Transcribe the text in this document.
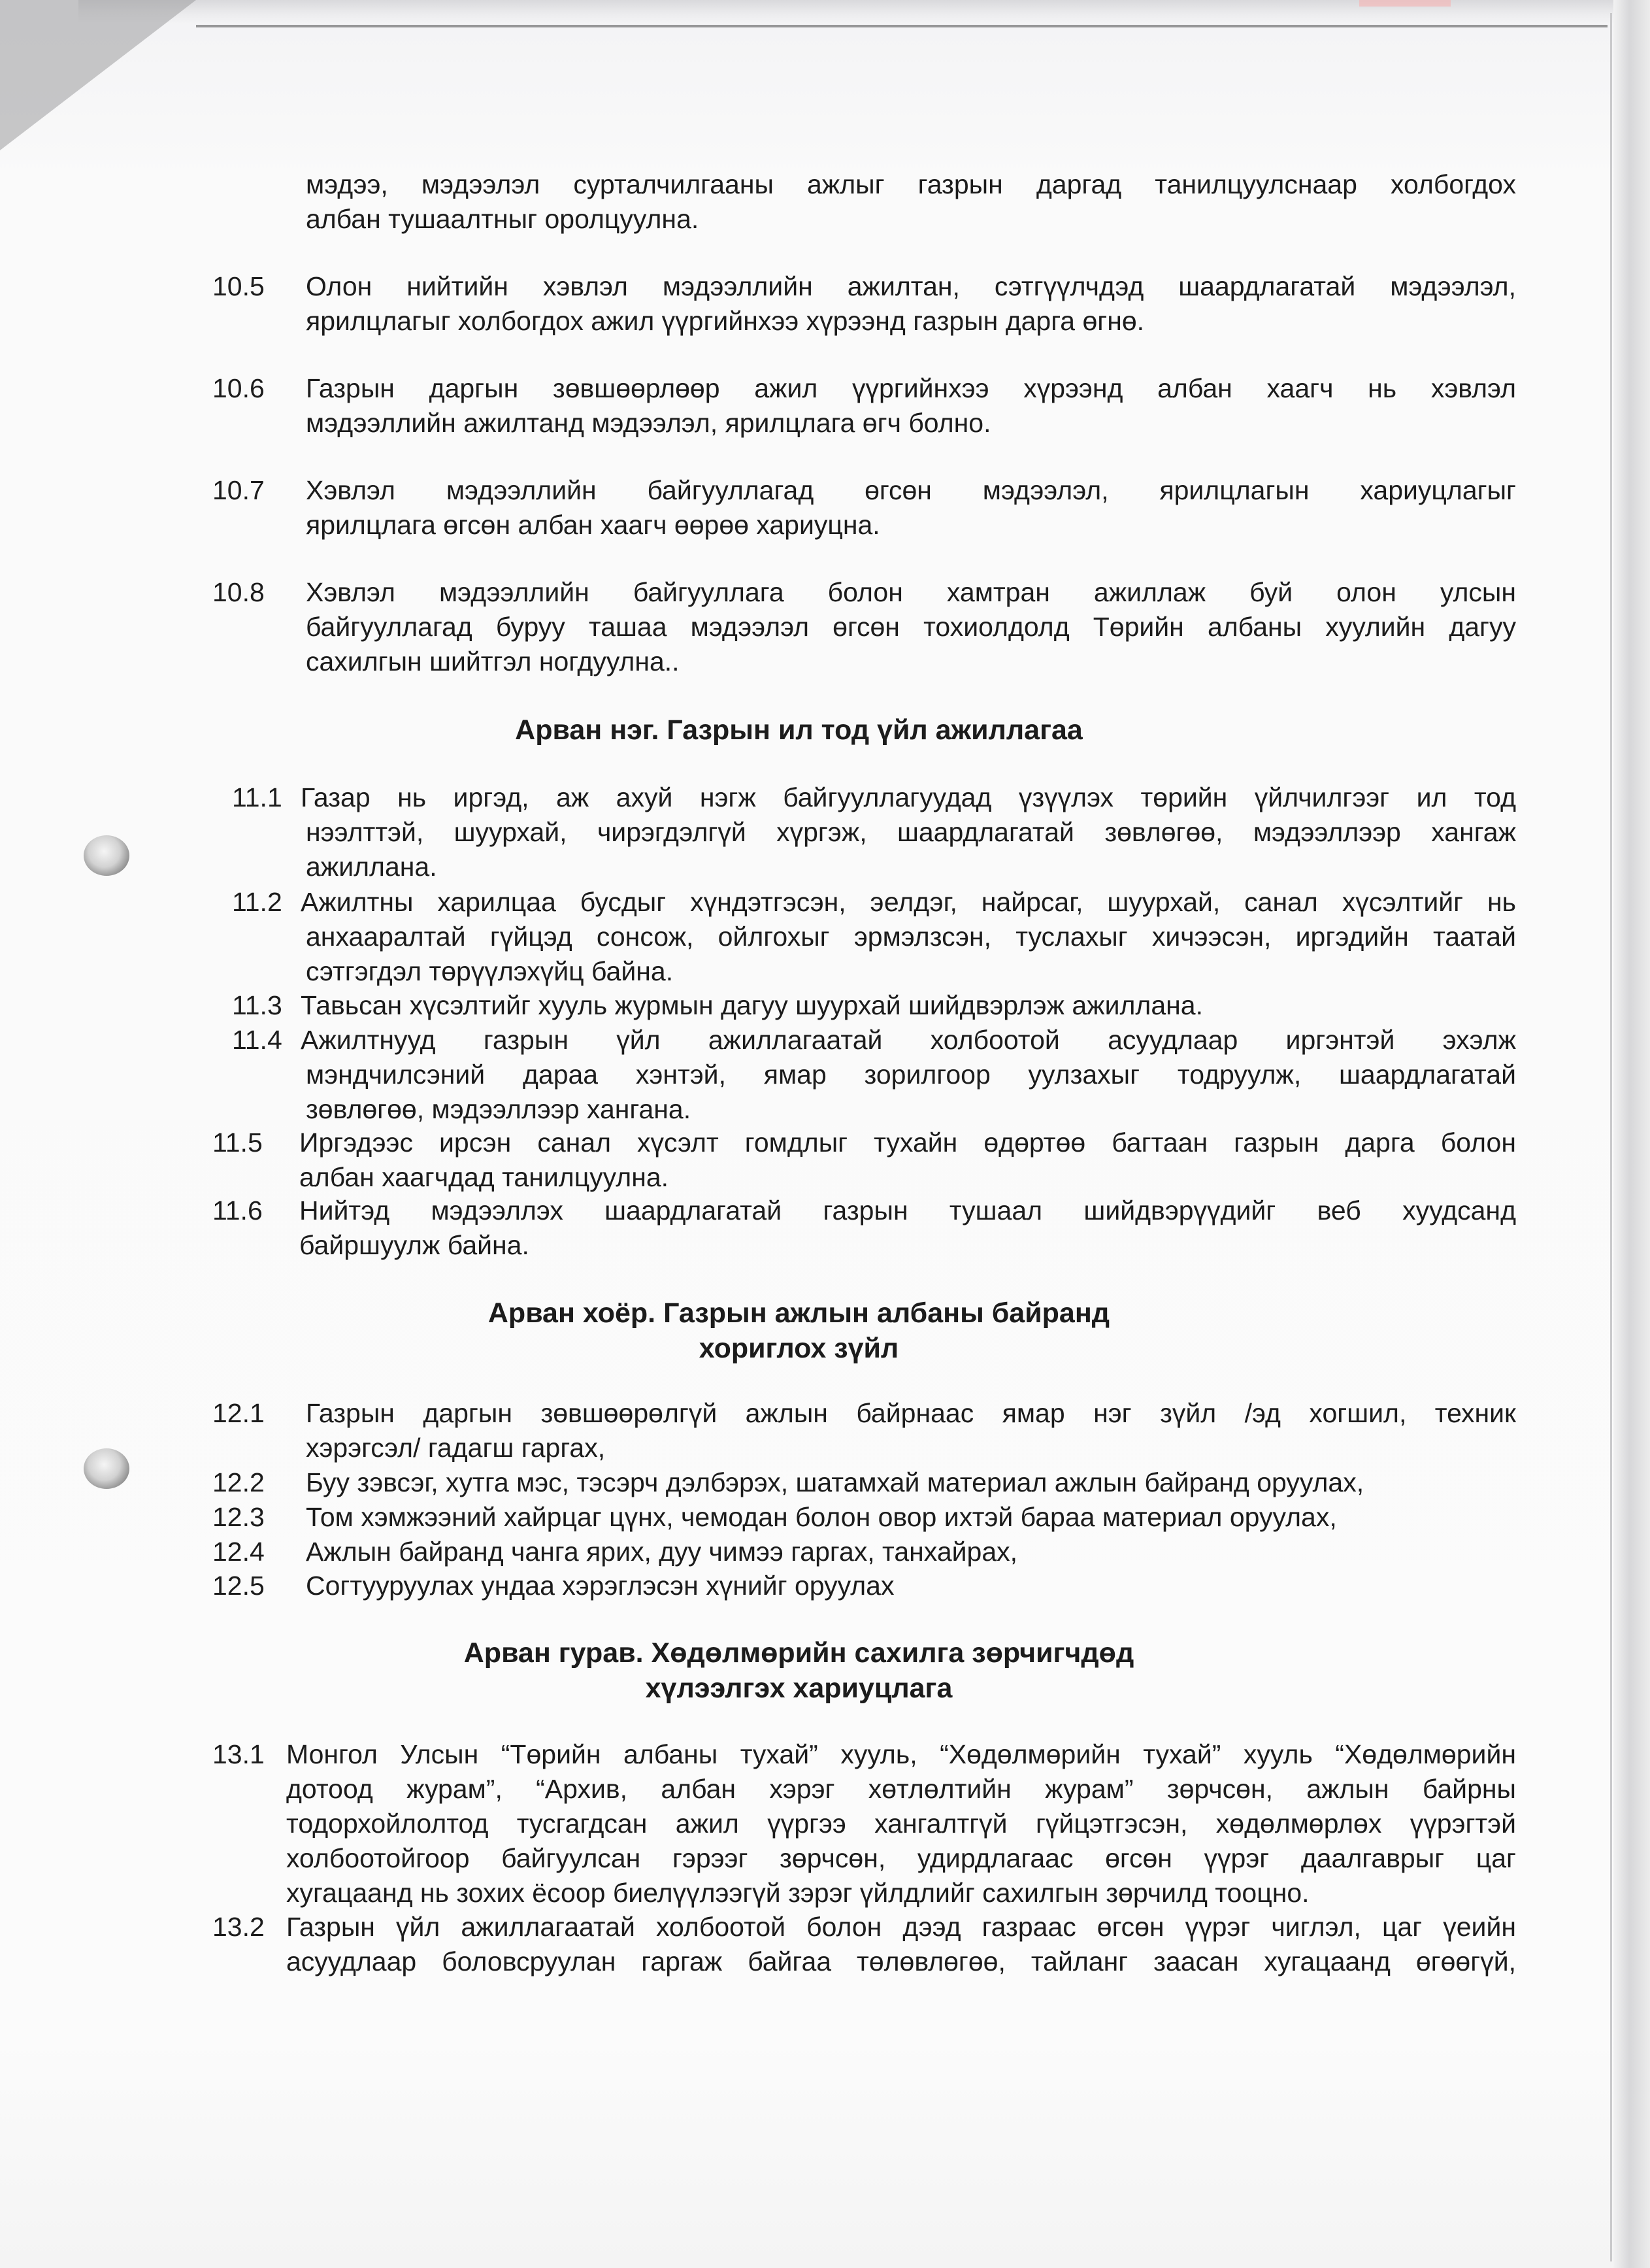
мэдээ, мэдээлэл сурталчилгааны ажлыг газрын даргад танилцуулснаар холбогдох
албан тушаалтныг оролцуулна.
10.5 Олон нийтийн хэвлэл мэдээллийн ажилтан, сэтгүүлчдэд шаардлагатай мэдээлэл,
ярилцлагыг холбогдох ажил үүргийнхээ хүрээнд газрын дарга өгнө.
10.6 Газрын даргын зөвшөөрлөөр ажил үүргийнхээ хүрээнд албан хаагч нь хэвлэл
мэдээллийн ажилтанд мэдээлэл, ярилцлага өгч болно.
10.7 Хэвлэл мэдээллийн байгууллагад өгсөн мэдээлэл, ярилцлагын хариуцлагыг
ярилцлага өгсөн албан хаагч өөрөө хариуцна.
10.8 Хэвлэл мэдээллийн байгууллага болон хамтран ажиллаж буй олон улсын
байгууллагад буруу ташаа мэдээлэл өгсөн тохиолдолд Төрийн албаны хуулийн дагуу
сахилгын шийтгэл ногдуулна..
Арван нэг. Газрын ил тод үйл ажиллагаа
11.1 Газар нь иргэд, аж ахуй нэгж байгууллагуудад үзүүлэх төрийн үйлчилгээг ил тод
нээлттэй, шуурхай, чирэгдэлгүй хүргэж, шаардлагатай зөвлөгөө, мэдээллээр хангаж
ажиллана.
11.2 Ажилтны харилцаа бусдыг хүндэтгэсэн, эелдэг, найрсаг, шуурхай, санал хүсэлтийг нь
анхааралтай гүйцэд сонсож, ойлгохыг эрмэлзсэн, туслахыг хичээсэн, иргэдийн таатай
сэтгэгдэл төрүүлэхүйц байна.
11.3 Тавьсан хүсэлтийг хууль журмын дагуу шуурхай шийдвэрлэж ажиллана.
11.4 Ажилтнууд газрын үйл ажиллагаатай холбоотой асуудлаар иргэнтэй эхэлж
мэндчилсэний дараа хэнтэй, ямар зорилгоор уулзахыг тодруулж, шаардлагатай
зөвлөгөө, мэдээллээр хангана.
11.5 Иргэдээс ирсэн санал хүсэлт гомдлыг тухайн өдөртөө багтаан газрын дарга болон
албан хаагчдад танилцуулна.
11.6 Нийтэд мэдээллэх шаардлагатай газрын тушаал шийдвэрүүдийг веб хуудсанд
байршуулж байна.
Арван хоёр. Газрын ажлын албаны байранд
хориглох зүйл
12.1 Газрын даргын зөвшөөрөлгүй ажлын байрнаас ямар нэг зүйл /эд хогшил, техник
хэрэгсэл/ гадагш гаргах,
12.2 Буу зэвсэг, хутга мэс, тэсэрч дэлбэрэх, шатамхай материал ажлын байранд оруулах,
12.3 Том хэмжээний хайрцаг цүнх, чемодан болон овор ихтэй бараа материал оруулах,
12.4 Ажлын байранд чанга ярих, дуу чимээ гаргах, танхайрах,
12.5 Согтууруулах ундаа хэрэглэсэн хүнийг оруулах
Арван гурав. Хөдөлмөрийн сахилга зөрчигчдөд
хүлээлгэх хариуцлага
13.1 Монгол Улсын “Төрийн албаны тухай” хууль, “Хөдөлмөрийн тухай” хууль “Хөдөлмөрийн
дотоод журам”, “Архив, албан хэрэг хөтлөлтийн журам” зөрчсөн, ажлын байрны
тодорхойлолтод тусгагдсан ажил үүргээ хангалтгүй гүйцэтгэсэн, хөдөлмөрлөх үүрэгтэй
холбоотойгоор байгуулсан гэрээг зөрчсөн, удирдлагаас өгсөн үүрэг даалгаврыг цаг
хугацаанд нь зохих ёсоор биелүүлээгүй зэрэг үйлдлийг сахилгын зөрчилд тооцно.
13.2 Газрын үйл ажиллагаатай холбоотой болон дээд газраас өгсөн үүрэг чиглэл, цаг үеийн
асуудлаар боловсруулан гаргаж байгаа төлөвлөгөө, тайланг заасан хугацаанд өгөөгүй,
